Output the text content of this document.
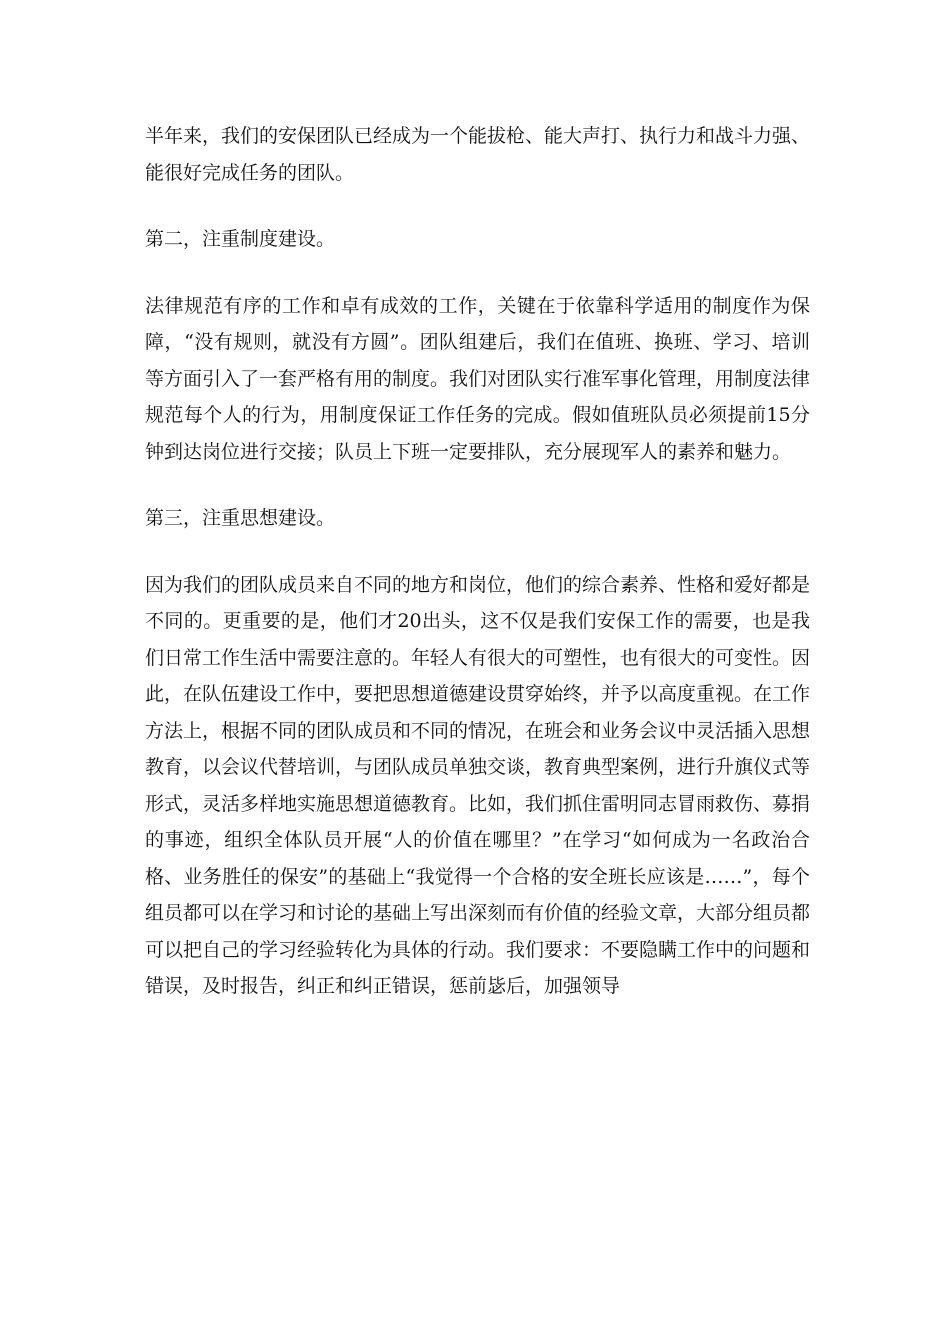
半年来，我们的安保团队已经成为一个能拔枪、能大声打、执行力和战斗力强、能很好完成任务的团队。

第二，注重制度建设。

法律规范有序的工作和卓有成效的工作，关键在于依靠科学适用的制度作为保障，“没有规则，就没有方圆”。团队组建后，我们在值班、换班、学习、培训等方面引入了一套严格有用的制度。我们对团队实行准军事化管理，用制度法律规范每个人的行为，用制度保证工作任务的完成。假如值班队员必须提前15分钟到达岗位进行交接；队员上下班一定要排队，充分展现军人的素养和魅力。

第三，注重思想建设。

因为我们的团队成员来自不同的地方和岗位，他们的综合素养、性格和爱好都是不同的。更重要的是，他们才20出头，这不仅是我们安保工作的需要，也是我们日常工作生活中需要注意的。年轻人有很大的可塑性，也有很大的可变性。因此，在队伍建设工作中，要把思想道德建设贯穿始终，并予以高度重视。在工作方法上，根据不同的团队成员和不同的情况，在班会和业务会议中灵活插入思想教育，以会议代替培训，与团队成员单独交谈，教育典型案例，进行升旗仪式等形式，灵活多样地实施思想道德教育。比如，我们抓住雷明同志冒雨救伤、募捐的事迹，组织全体队员开展“人的价值在哪里？”在学习“如何成为一名政治合格、业务胜任的保安”的基础上“我觉得一个合格的安全班长应该是……”，每个组员都可以在学习和讨论的基础上写出深刻而有价值的经验文章，大部分组员都可以把自己的学习经验转化为具体的行动。我们要求：不要隐瞒工作中的问题和错误，及时报告，纠正和纠正错误，惩前毖后，加强领导
